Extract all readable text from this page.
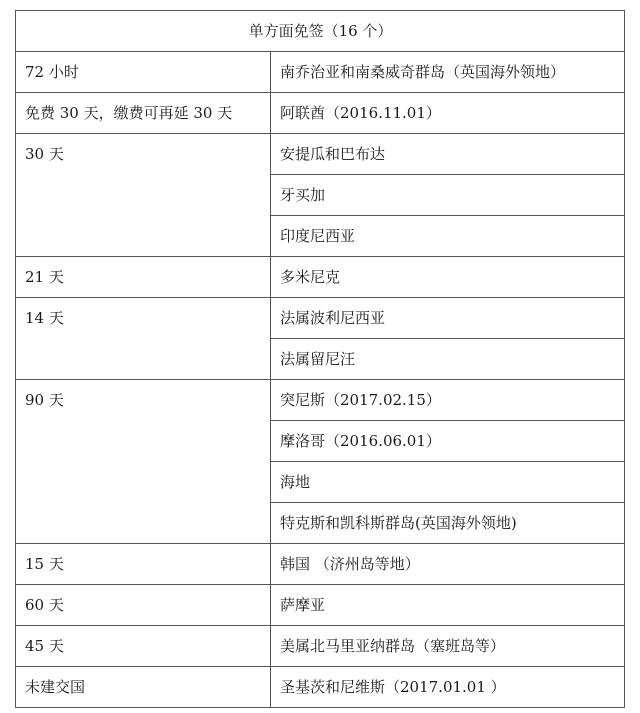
单方面免签（16 个）	
72 小时	南乔治亚和南桑威奇群岛（英国海外领地）
免费 30 天，缴费可再延 30 天	阿联酋（2016.11.01）
30 天	安提瓜和巴布达
	牙买加
	印度尼西亚
21 天	多米尼克
14 天	法属波利尼西亚
	法属留尼汪
90 天	突尼斯（2017.02.15）
	摩洛哥（2016.06.01）
	海地
	特克斯和凯科斯群岛(英国海外领地)
15 天	韩国 （济州岛等地）
60 天	萨摩亚
45 天	美属北马里亚纳群岛（塞班岛等）
未建交国	圣基茨和尼维斯（2017.01.01 ）
